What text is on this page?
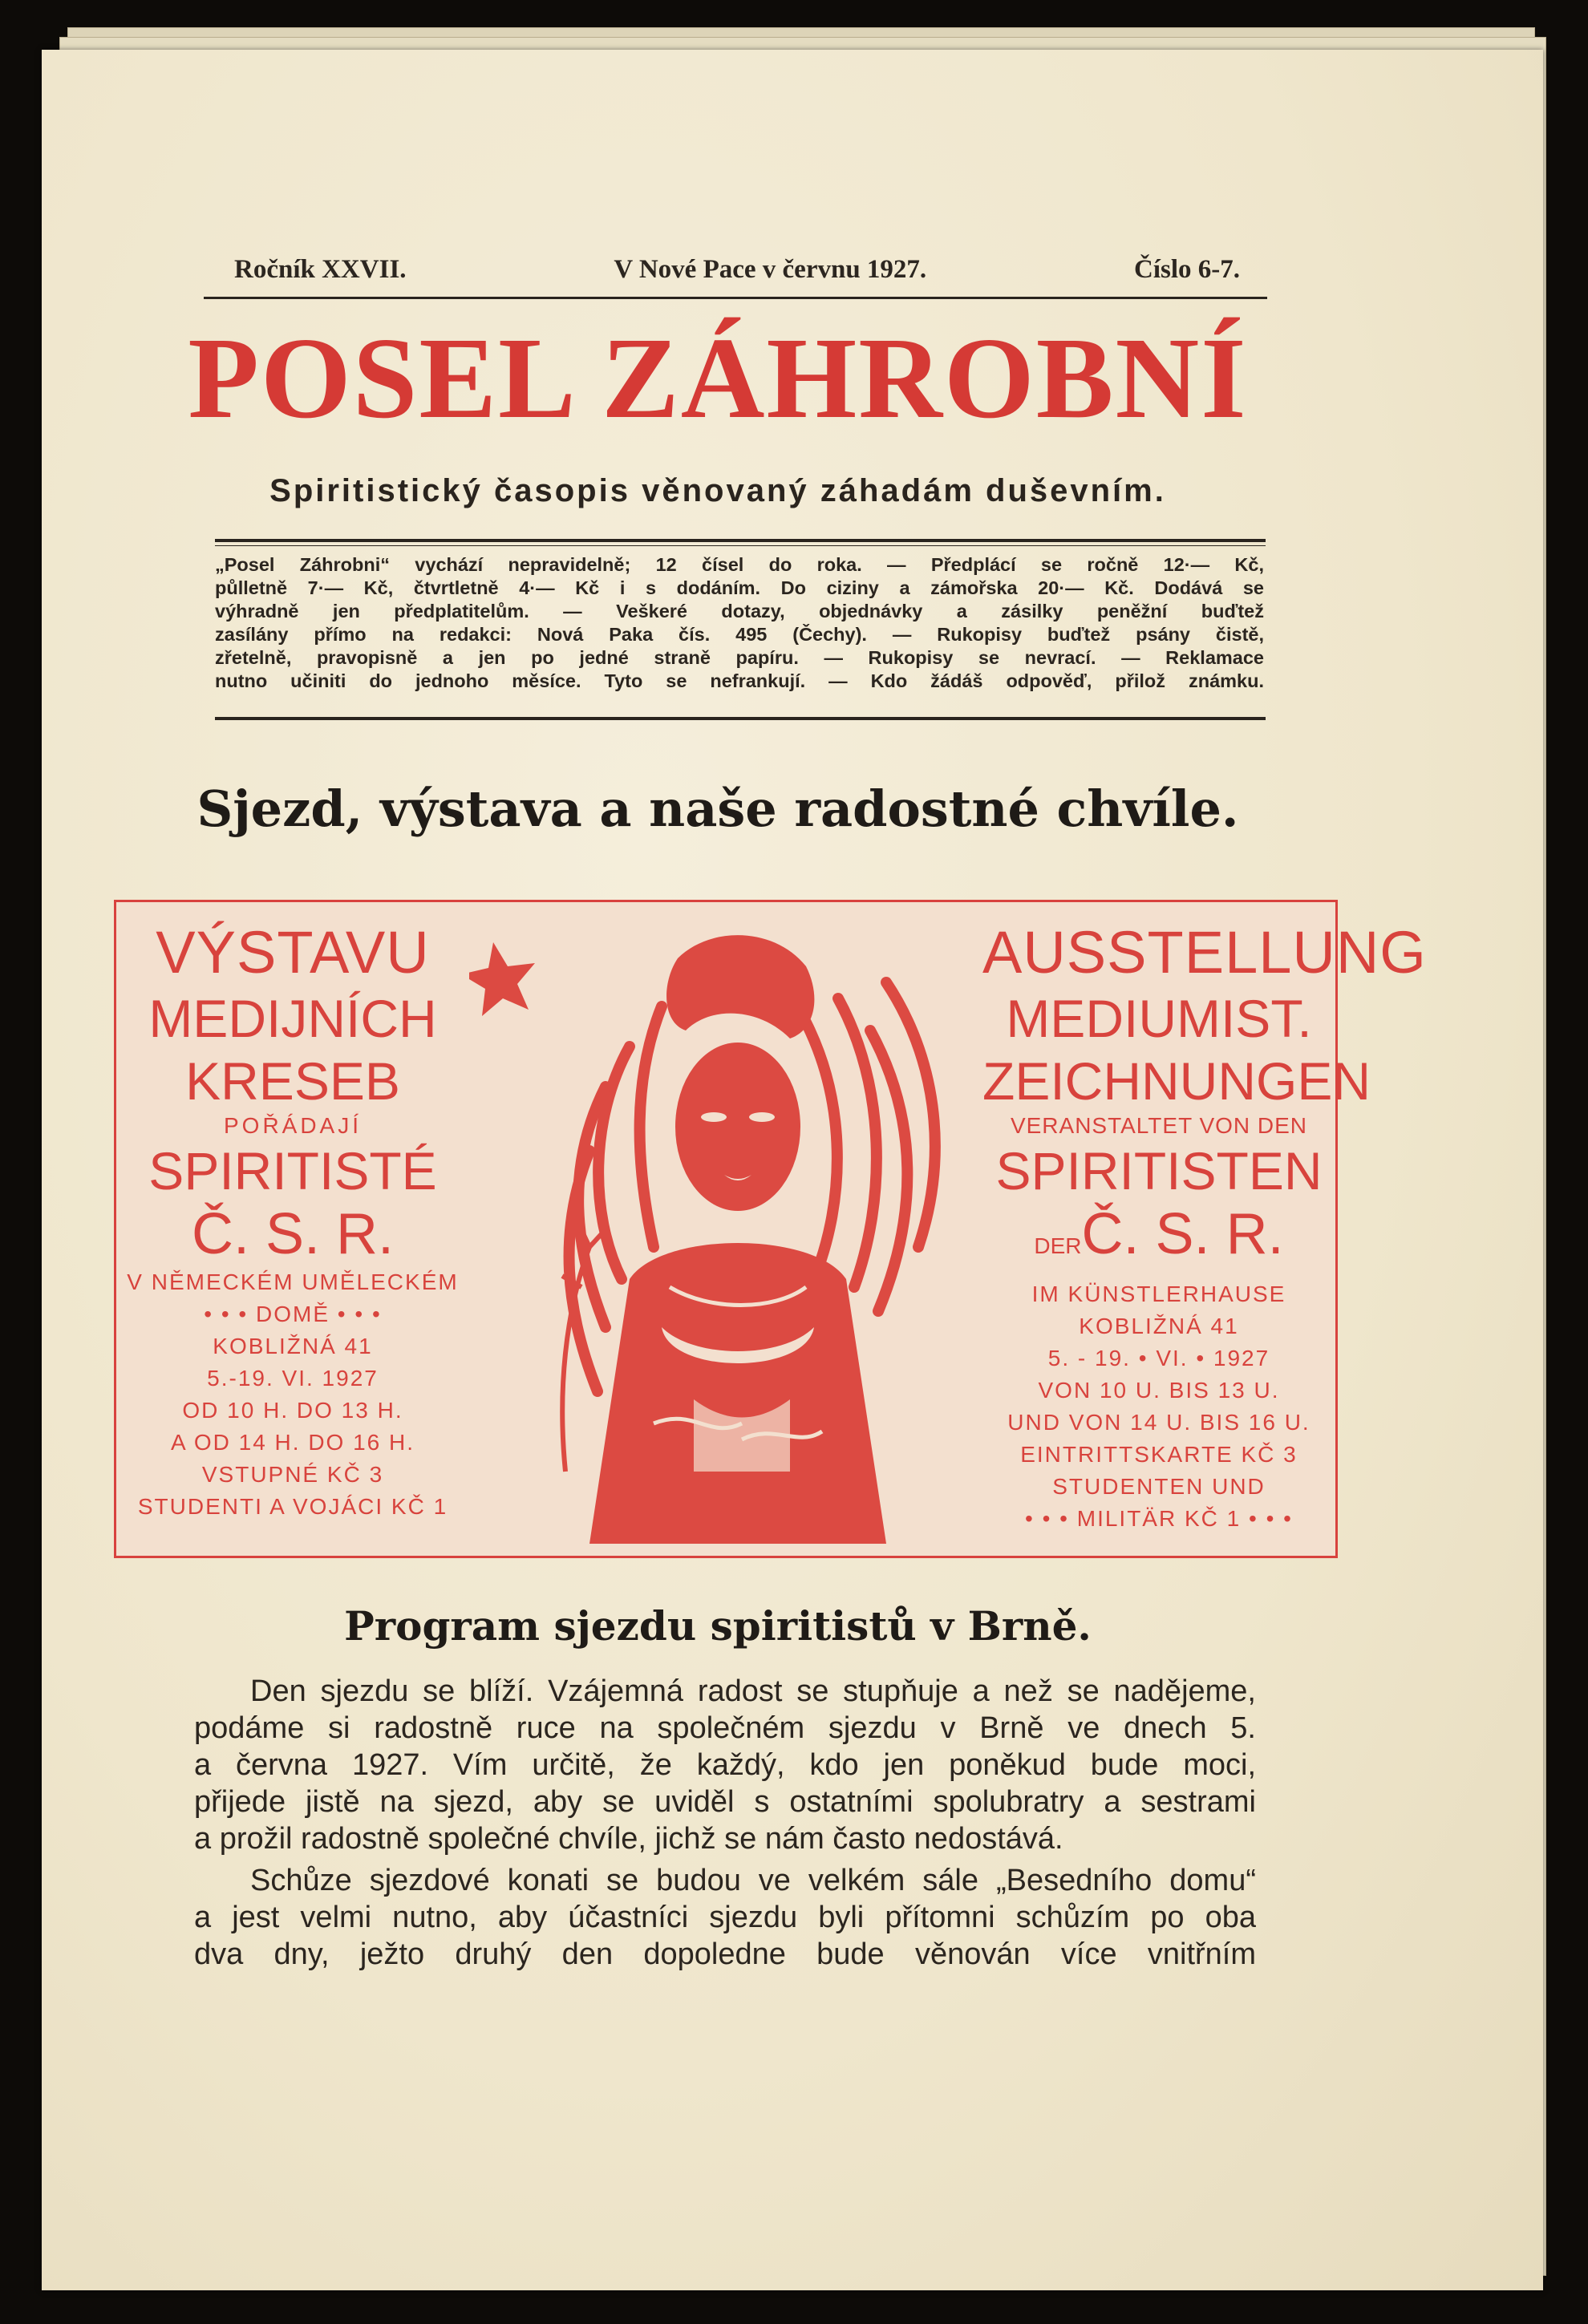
Ročník XXVII.	V Nové Pace v červnu 1927.	Číslo 6-7.
POSEL ZÁHROBNÍ
Spiritistický časopis věnovaný záhadám duševním.
„Posel Záhrobni“ vychází nepravidelně; 12 čísel do roka. — Předplácí se ročně 12·— Kč,
půlletně 7·— Kč, čtvrtletně 4·— Kč i s dodáním. Do ciziny a zámořska 20·— Kč. Dodává se
výhradně jen předplatitelům. — Veškeré dotazy, objednávky a zásilky peněžní buďtež
zasílány přímo na redakci: Nová Paka čís. 495 (Čechy). — Rukopisy buďtež psány čistě,
zřetelně, pravopisně a jen po jedné straně papíru. — Rukopisy se nevrací. — Reklamace
nutno učiniti do jednoho měsíce. Tyto se nefrankují. — Kdo žádáš odpověď, přilož známku.
Sjezd, výstava a naše radostné chvíle.
VÝSTAVU
MEDIJNÍCH
KRESEB
POŘÁDAJÍ
SPIRITISTÉ
Č. S. R.
V NĚMECKÉM UMĚLECKÉM
• • • DOMĚ • • •
KOBLIŽNÁ 41
5.-19. VI. 1927
OD 10 H. DO 13 H.
A OD 14 H. DO 16 H.
VSTUPNÉ KČ 3
STUDENTI A VOJÁCI KČ 1
AUSSTELLUNG
MEDIUMIST.
ZEICHNUNGEN
VERANSTALTET VON DEN
SPIRITISTEN
DERČ. S. R.
IM KÜNSTLERHAUSE
KOBLIŽNÁ 41
5. - 19. • VI. • 1927
VON 10 U. BIS 13 U.
UND VON 14 U. BIS 16 U.
EINTRITTSKARTE KČ 3
STUDENTEN UND
• • • MILITÄR KČ 1 • • •
Program sjezdu spiritistů v Brně.

Den sjezdu se blíží. Vzájemná radost se stupňuje a než se nadějeme,
podáme si radostně ruce na společném sjezdu v Brně ve dnech 5.
a června 1927. Vím určitě, že každý, kdo jen poněkud bude moci,
přijede jistě na sjezd, aby se uviděl s ostatními spolubratry a sestrami
a prožil radostně společné chvíle, jichž se nám často nedostává.

Schůze sjezdové konati se budou ve velkém sále „Besedního domu“
a jest velmi nutno, aby účastníci sjezdu byli přítomni schůzím po oba
dva dny, ježto druhý den dopoledne bude věnován více vnitřním
